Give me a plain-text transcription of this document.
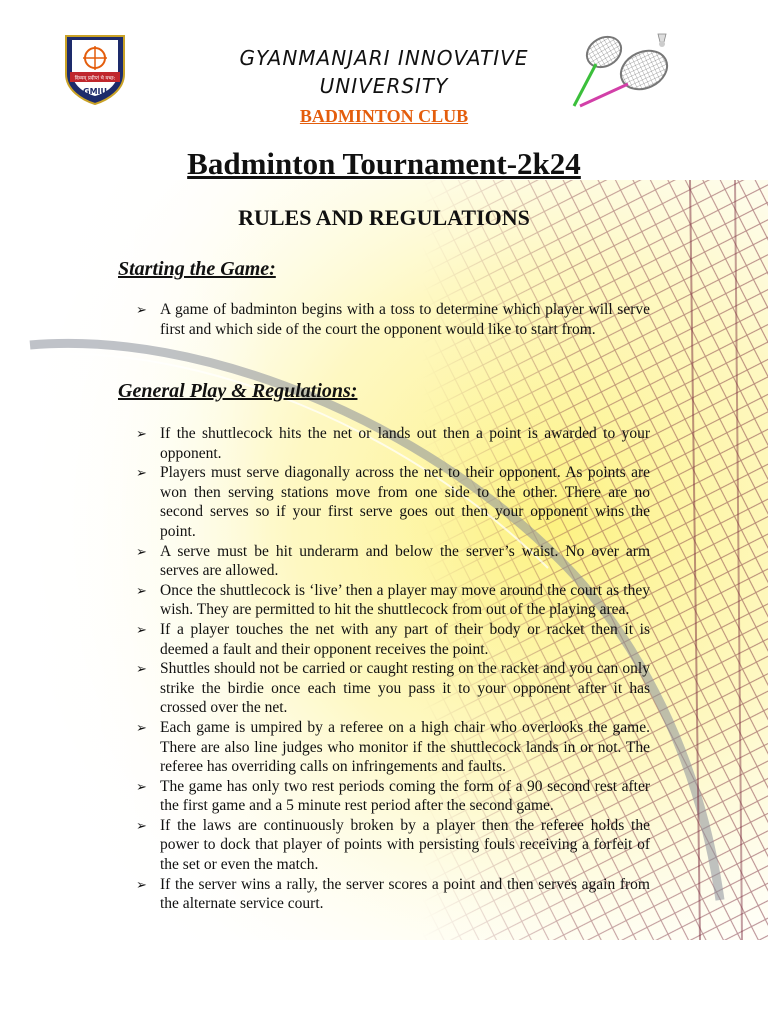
दिव्यम् प्रदीप्तं चे यच्छ:
GMIU
GYANMANJARI INNOVATIVE
UNIVERSITY
BADMINTON CLUB
Badminton Tournament-2k24
RULES AND REGULATIONS
Starting the Game:
➢ A game of badminton begins with a toss to determine which player will serve first and which side of the court the opponent would like to start from.
General Play & Regulations:
➢ If the shuttlecock hits the net or lands out then a point is awarded to your opponent.
➢ Players must serve diagonally across the net to their opponent. As points are won then serving stations move from one side to the other. There are no second serves so if your first serve goes out then your opponent wins the point.
➢ A serve must be hit underarm and below the server’s waist. No over arm serves are allowed.
➢ Once the shuttlecock is ‘live’ then a player may move around the court as they wish. They are permitted to hit the shuttlecock from out of the playing area.
➢ If a player touches the net with any part of their body or racket then it is deemed a fault and their opponent receives the point.
➢ Shuttles should not be carried or caught resting on the racket and you can only strike the birdie once each time you pass it to your opponent after it has crossed over the net.
➢ Each game is umpired by a referee on a high chair who overlooks the game. There are also line judges who monitor if the shuttlecock lands in or not. The referee has overriding calls on infringements and faults.
➢ The game has only two rest periods coming the form of a 90 second rest after the first game and a 5 minute rest period after the second game.
➢ If the laws are continuously broken by a player then the referee holds the power to dock that player of points with persisting fouls receiving a forfeit of the set or even the match.
➢ If the server wins a rally, the server scores a point and then serves again from the alternate service court.
